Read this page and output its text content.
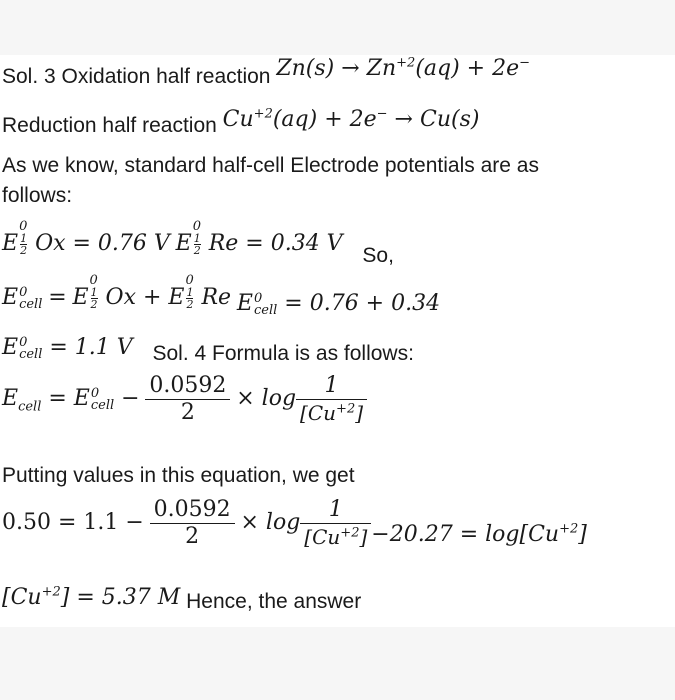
Sol. 3 Oxidation half reaction $Zn(s) \to Zn^{+2}(aq) + 2e^-$
Reduction half reaction $Cu^{+2}(aq) + 2e^- \to Cu(s)$
As we know, standard half-cell Electrode potentials are as
follows:
E
0
1
2 Ox = 0.76 V E
0
1
2 Re = 0.34 V So,
E 0
cell = E
0
1
2 Ox + E
0
1
2 Re E 0
cell = 0.76 + 0.34
E 0
cell = 1.1 V Sol. 4 Formula is as follows:
$E_{cell} = E$ 0
cell − $\frac{0.0592}{2} \times \log \frac{1}{[Cu^{+2}]}$
Putting values in this equation, we get
$0.50 = 1.1 - \frac{0.0592}{2} \times \log \frac{1}{[Cu^{+2}]} -20.27 = \log[Cu^{+2}]$
$[Cu^{+2}] = 5.37$ M Hence, the answer
